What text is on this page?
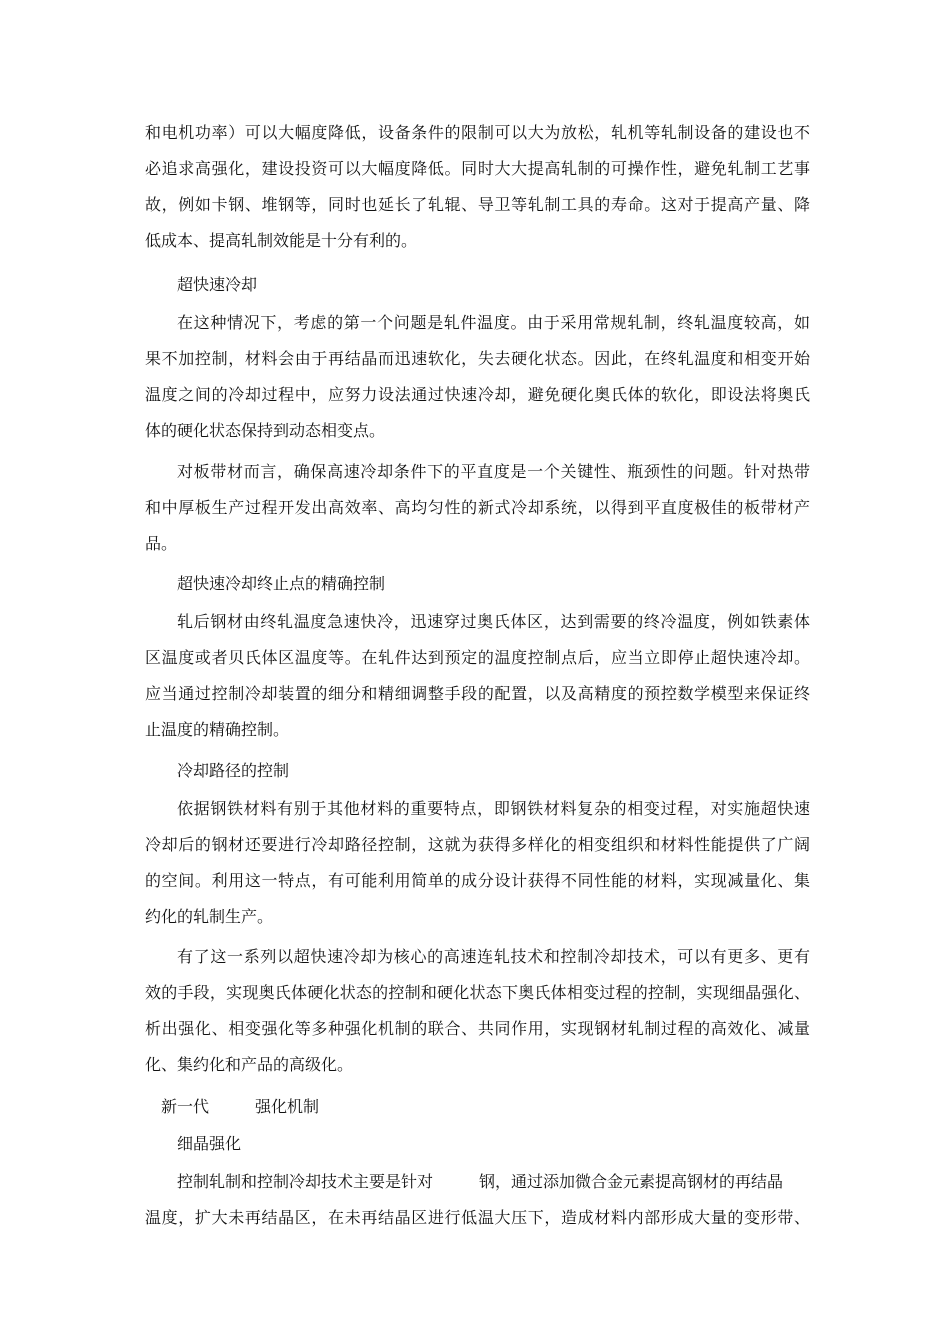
和电机功率）可以大幅度降低，设备条件的限制可以大为放松，轧机等轧制设备的建设也不

必追求高强化，建设投资可以大幅度降低。同时大大提高轧制的可操作性，避免轧制工艺事

故，例如卡钢、堆钢等，同时也延长了轧辊、导卫等轧制工具的寿命。这对于提高产量、降

低成本、提高轧制效能是十分有利的。

超快速冷却

在这种情况下，考虑的第一个问题是轧件温度。由于采用常规轧制，终轧温度较高，如

果不加控制，材料会由于再结晶而迅速软化，失去硬化状态。因此，在终轧温度和相变开始

温度之间的冷却过程中，应努力设法通过快速冷却，避免硬化奥氏体的软化，即设法将奥氏

体的硬化状态保持到动态相变点。

对板带材而言，确保高速冷却条件下的平直度是一个关键性、瓶颈性的问题。针对热带

和中厚板生产过程开发出高效率、高均匀性的新式冷却系统，以得到平直度极佳的板带材产

品。

超快速冷却终止点的精确控制

轧后钢材由终轧温度急速快冷，迅速穿过奥氏体区，达到需要的终冷温度，例如铁素体

区温度或者贝氏体区温度等。在轧件达到预定的温度控制点后，应当立即停止超快速冷却。

应当通过控制冷却装置的细分和精细调整手段的配置，以及高精度的预控数学模型来保证终

止温度的精确控制。

冷却路径的控制

依据钢铁材料有别于其他材料的重要特点，即钢铁材料复杂的相变过程，对实施超快速

冷却后的钢材还要进行冷却路径控制，这就为获得多样化的相变组织和材料性能提供了广阔

的空间。利用这一特点，有可能利用简单的成分设计获得不同性能的材料，实现减量化、集

约化的轧制生产。

有了这一系列以超快速冷却为核心的高速连轧技术和控制冷却技术，可以有更多、更有

效的手段，实现奥氏体硬化状态的控制和硬化状态下奥氏体相变过程的控制，实现细晶强化、

析出强化、相变强化等多种强化机制的联合、共同作用，实现钢材轧制过程的高效化、减量

化、集约化和产品的高级化。

新一代	强化机制

细晶强化

控制轧制和控制冷却技术主要是针对	钢，通过添加微合金元素提高钢材的再结晶

温度，扩大未再结晶区，在未再结晶区进行低温大压下，造成材料内部形成大量的变形带、
